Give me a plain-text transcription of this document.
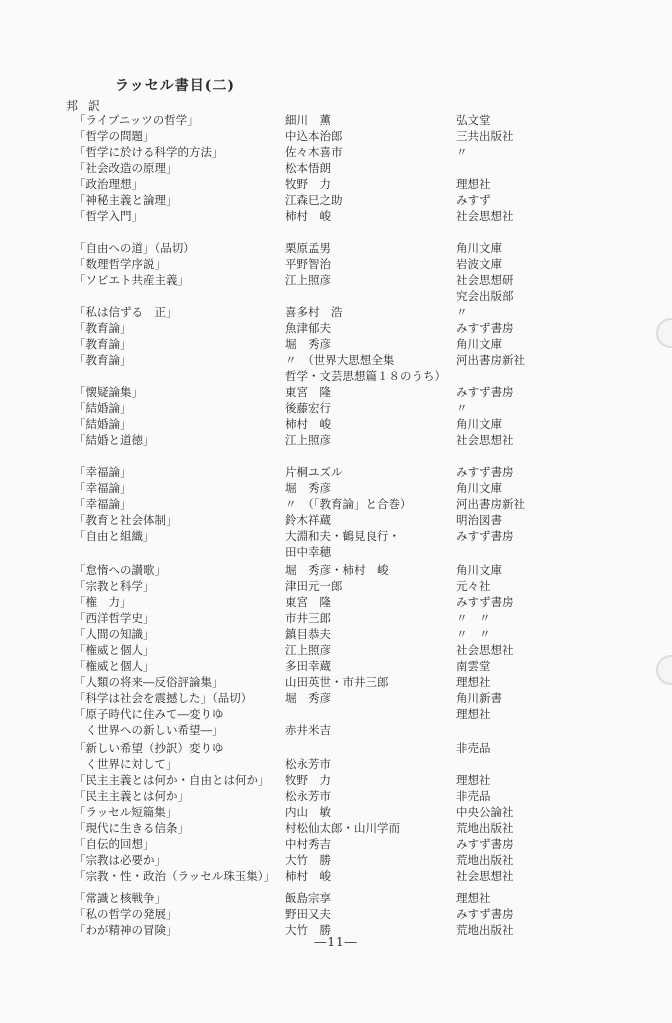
ラッセル書目(二)
邦 訳
「ライプニッツの哲学」	細川　薫	弘文堂
「哲学の問題」	中込本治郎	三共出版社
「哲学に於ける科学的方法」	佐々木喜市	〃
「社会改造の原理」	松本悟朗
「政治理想」	牧野　力	理想社
「神秘主義と論理」	江森巳之助	みすず
「哲学入門」	柿村　峻	社会思想社
「自由への道」（品切）	栗原孟男	角川文庫
「数理哲学序説」	平野智治	岩波文庫
「ソビエト共産主義」	江上照彦	社会思想研
究会出版部
「私は信ずる　正」	喜多村　浩	〃
「教育論」	魚津郁夫	みすず書房
「教育論」	堀　秀彦	角川文庫
「教育論」	〃　（世界大思想全集	河出書房新社
哲学・文芸思想篇１８のうち）
「懐疑論集」	東宮　隆	みすず書房
「結婚論」	後藤宏行	〃
「結婚論」	柿村　峻	角川文庫
「結婚と道徳」	江上照彦	社会思想社
「幸福論」	片桐ユズル	みすず書房
「幸福論」	堀　秀彦	角川文庫
「幸福論」	〃　（「教育論」と合巻）	河出書房新社
「教育と社会体制」	鈴木祥蔵	明治図書
「自由と組織」	大淵和夫・鶴見良行・	みすず書房
田中幸穂
「怠惰への讃歌」	堀　秀彦・柿村　峻	角川文庫
「宗教と科学」	津田元一郎	元々社
「権　力」	東宮　隆	みすず書房
「西洋哲学史」	市井三郎	〃　〃
「人間の知識」	鎮目恭夫	〃　〃
「権威と個人」	江上照彦	社会思想社
「権威と個人」	多田幸蔵	南雲堂
「人類の将来―反俗評論集」	山田英世・市井三郎	理想社
「科学は社会を震撼した」（品切）	堀　秀彦	角川新書
「原子時代に住みて―変りゆ	理想社
　く世界への新しい希望―」	赤井米吉
「新しい希望（抄訳）変りゆ	非売品
　く世界に対して」	松永芳市
「民主主義とは何か・自由とは何か」 牧野　力	理想社
「民主主義とは何か」	松永芳市	非売品
「ラッセル短篇集」	内山　敏	中央公論社
「現代に生きる信条」	村松仙太郎・山川学而	荒地出版社
「自伝的回想」	中村秀吉	みすず書房
「宗教は必要か」	大竹　勝	荒地出版社
「宗教・性・政治（ラッセル珠玉集）」 柿村　峻	社会思想社
「常識と核戦争」	飯島宗享	理想社
「私の哲学の発展」	野田又夫	みすず書房
「わが精神の冒険」	大竹　勝	荒地出版社
―11―
